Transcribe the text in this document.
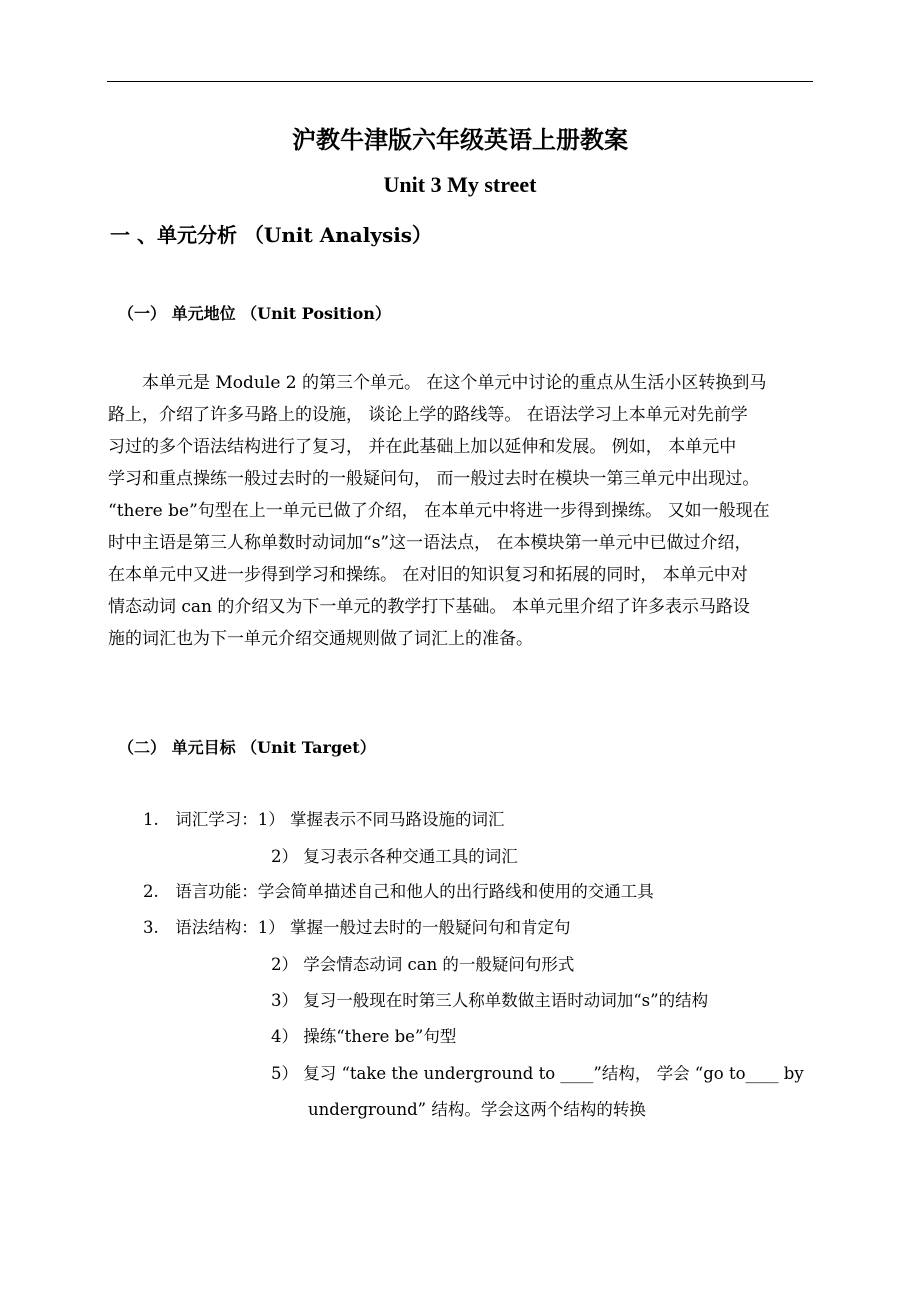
沪教牛津版六年级英语上册教案
Unit 3 My street
一 、单元分析 （Unit Analysis）
（一） 单元地位 （Unit Position）
　　本单元是 Module 2 的第三个单元。 在这个单元中讨论的重点从生活小区转换到马
路上，介绍了许多马路上的设施， 谈论上学的路线等。 在语法学习上本单元对先前学
习过的多个语法结构进行了复习， 并在此基础上加以延伸和发展。 例如， 本单元中
学习和重点操练一般过去时的一般疑问句， 而一般过去时在模块一第三单元中出现过。
“there be”句型在上一单元已做了介绍， 在本单元中将进一步得到操练。 又如一般现在
时中主语是第三人称单数时动词加“s”这一语法点， 在本模块第一单元中已做过介绍，
在本单元中又进一步得到学习和操练。 在对旧的知识复习和拓展的同时， 本单元中对
情态动词 can 的介绍又为下一单元的教学打下基础。 本单元里介绍了许多表示马路设
施的词汇也为下一单元介绍交通规则做了词汇上的准备。
（二） 单元目标 （Unit Target）
1.　词汇学习：1） 掌握表示不同马路设施的词汇
2） 复习表示各种交通工具的词汇
2.　语言功能：学会简单描述自己和他人的出行路线和使用的交通工具
3.　语法结构：1） 掌握一般过去时的一般疑问句和肯定句
2） 学会情态动词 can 的一般疑问句形式
3） 复习一般现在时第三人称单数做主语时动词加“s”的结构
4） 操练“there be”句型
5） 复习 “take the underground to ____”结构， 学会 “go to____ by
underground” 结构。学会这两个结构的转换
